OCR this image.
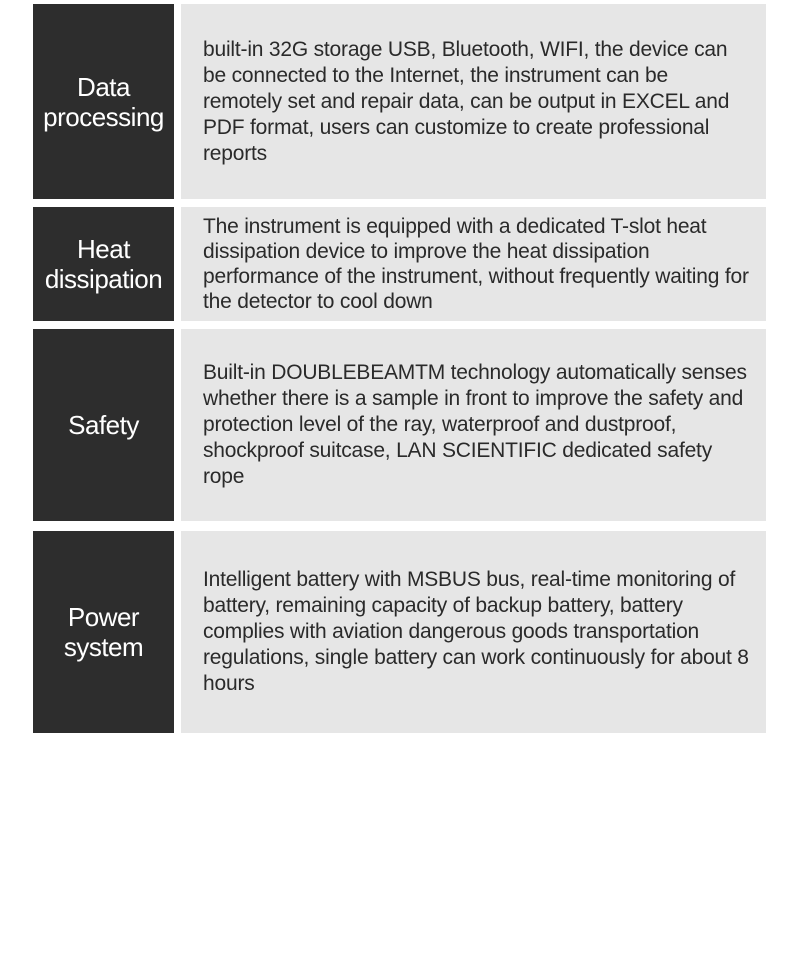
Data processing
built-in 32G storage USB, Bluetooth, WIFI, the device can be connected to the Internet, the instrument can be remotely set and repair data, can be output in EXCEL and PDF format, users can customize to create professional reports
Heat dissipation
The instrument is equipped with a dedicated T-slot heat dissipation device to improve the heat dissipation performance of the instrument, without frequently waiting for the detector to cool down
Safety
Built-in DOUBLEBEAMTM technology automatically senses whether there is a sample in front to improve the safety and protection level of the ray, waterproof and dustproof, shockproof suitcase, LAN SCIENTIFIC dedicated safety rope
Power system
Intelligent battery with MSBUS bus, real-time monitoring of battery, remaining capacity of backup battery, battery complies with aviation dangerous goods transportation regulations, single battery can work continuously for about 8 hours
